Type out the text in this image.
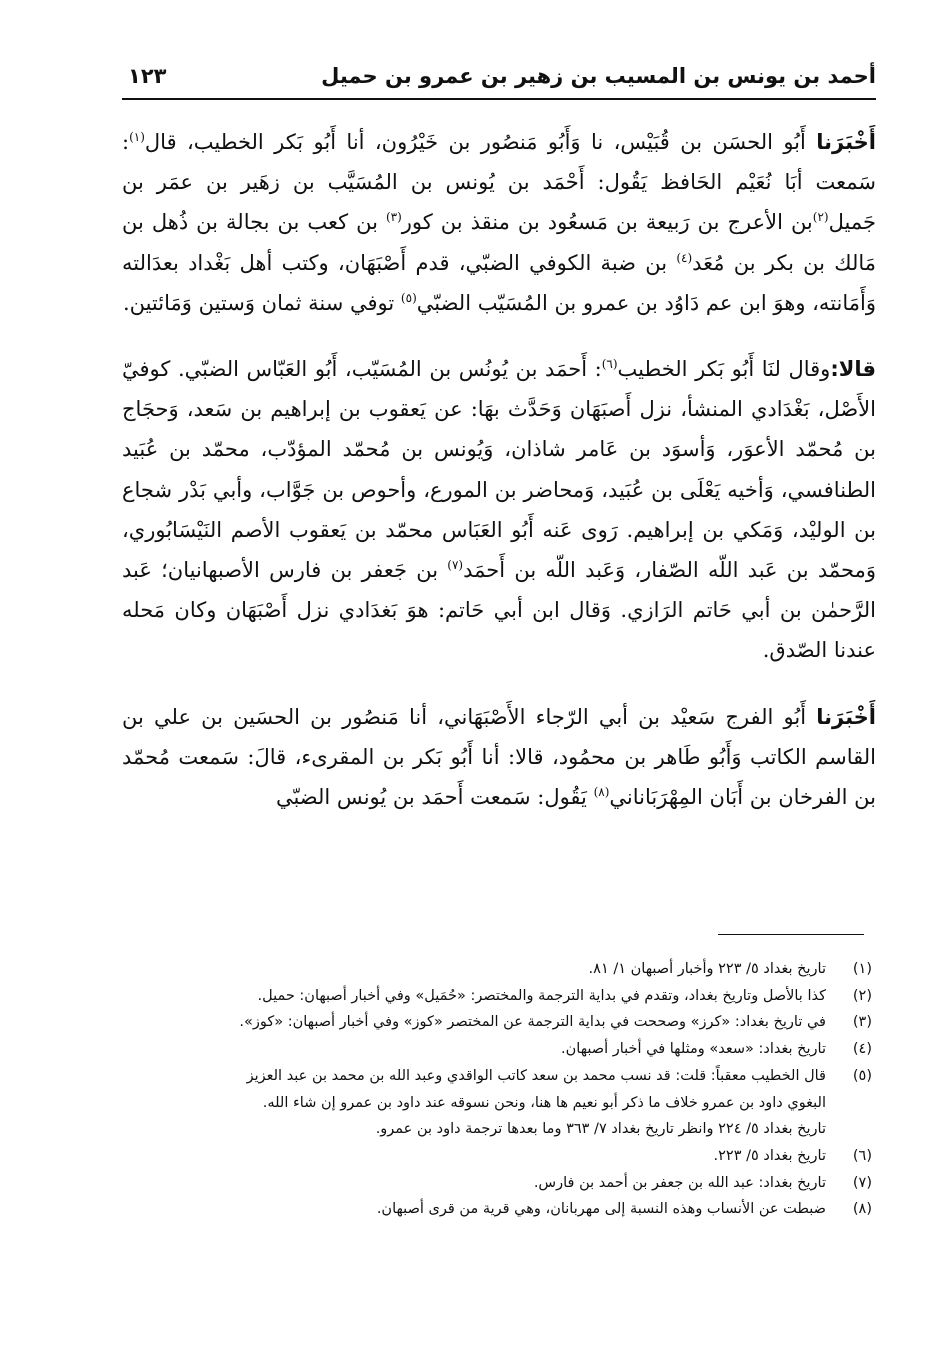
أحمد بن يونس بن المسيب بن زهير بن عمرو بن حميل
١٢٣

أَخْبَرَنا أَبُو الحسَن بن قُبَيْس، نا وَأَبُو مَنصُور بن خَيْرُون، أنا أَبُو بَكر الخطيب، قال$^{(١)}$: سَمعت أبَا نُعَيْم الحَافظ يَقُول: أَحْمَد بن يُونس بن المُسَيَّب بن زهَير بن عمَر بن جَميل$^{(٢)}$بن الأعرج بن رَبيعة بن مَسعُود بن منقذ بن كور$^{(٣)}$ بن كعب بن بجالة بن ذُهل بن مَالك بن بكر بن مُعَد$^{(٤)}$ بن ضبة الكوفي الضبّي، قدم أَصْبَهَان، وكتب أهل بَغْداد بعدَالته وَأَمَانته، وهوَ ابن عم دَاوُد بن عمرو بن المُسَيّب الضبّي$^{(٥)}$ توفي سنة ثمان وَستين وَمَائتين.

قالا:وقال لنَا أَبُو بَكر الخطيب$^{(٦)}$: أَحمَد بن يُونُس بن المُسَيّب، أَبُو العَبّاس الضبّي. كوفيّ الأَصْل، بَغْدَادي المنشأ، نزل أَصبَهَان وَحَدَّث بهَا: عن يَعقوب بن إبراهيم بن سَعد، وَحجَاج بن مُحمّد الأعوَر، وَأسوَد بن عَامر شاذان، وَيُونس بن مُحمّد المؤدّب، محمّد بن عُبَيد الطنافسي، وَأخيه يَعْلَى بن عُبَيد، وَمحاضر بن المورع، وأحوص بن جَوَّاب، وأبي بَدْر شجاع بن الوليْد، وَمَكي بن إبراهيم. رَوى عَنه أَبُو العَبَاس محمّد بن يَعقوب الأصم النَيْسَابُوري، وَمحمّد بن عَبد اللّه الصّفار، وَعَبد اللّه بن أَحمَد$^{(٧)}$ بن جَعفر بن فارس الأصبهانيان؛ عَبد الرَّحمٰن بن أبي حَاتم الرَازي. وَقال ابن أبي حَاتم: هوَ بَغدَادي نزل أَصْبَهَان وكان مَحله عندنا الصّدق.

أَخْبَرَنا أَبُو الفرج سَعيْد بن أبي الرّجاء الأَصْبَهَاني، أنا مَنصُور بن الحسَين بن علي بن القاسم الكاتب وَأَبُو طَاهر بن محمُود، قالا: أنا أَبُو بَكر بن المقرىء، قالَ: سَمعت مُحمّد بن الفرخان بن أَبَان المِهْرَبَاناني$^{(٨)}$ يَقُول: سَمعت أَحمَد بن يُونس الضبّي

(١)
تاريخ بغداد ٥/ ٢٢٣ وأخبار أصبهان ١/ ٨١.
(٢)
كذا بالأصل وتاريخ بغداد، وتقدم في بداية الترجمة والمختصر: «حُمَيل» وفي أخبار أصبهان: حميل.
(٣)
في تاريخ بغداد: «كرز» وصححت في بداية الترجمة عن المختصر «كوز» وفي أخبار أصبهان: «كوز».
(٤)
تاريخ بغداد: «سعد» ومثلها في أخبار أصبهان.
(٥)
قال الخطيب معقباً: قلت: قد نسب محمد بن سعد كاتب الواقدي وعبد الله بن محمد بن عبد العزيز
البغوي داود بن عمرو خلاف ما ذكر أبو نعيم ها هنا، ونحن نسوقه عند داود بن عمرو إن شاء الله.
تاريخ بغداد ٥/ ٢٢٤ وانظر تاريخ بغداد ٧/ ٣٦٣ وما بعدها ترجمة داود بن عمرو.
(٦)
تاريخ بغداد ٥/ ٢٢٣.
(٧)
تاريخ بغداد: عبد الله بن جعفر بن أحمد بن فارس.
(٨)
ضبطت عن الأنساب وهذه النسبة إلى مهربانان، وهي قرية من قرى أصبهان.
